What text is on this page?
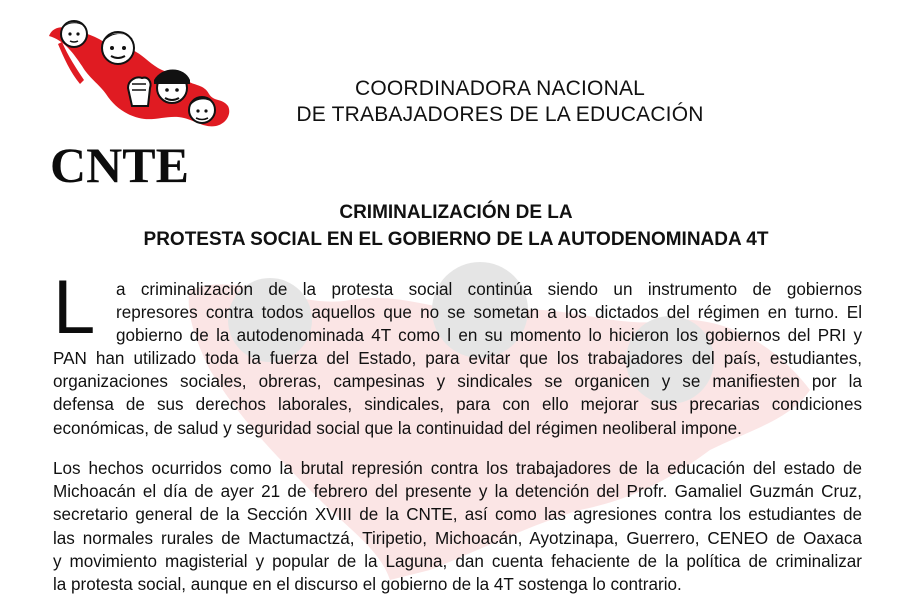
CNTE
COORDINADORA NACIONAL
DE TRABAJADORES DE LA EDUCACIÓN
CRIMINALIZACIÓN DE LA
PROTESTA SOCIAL EN EL GOBIERNO DE LA AUTODENOMINADA 4T
L a criminalización de la protesta social continúa siendo un instrumento de gobiernos
represores contra todos aquellos que no se sometan a los dictados del régimen en turno. El
gobierno de la autodenominada 4T como l en su momento lo hicieron los gobiernos del PRI y
PAN han utilizado toda la fuerza del Estado, para evitar que los trabajadores del país, estudiantes,
organizaciones sociales, obreras, campesinas y sindicales se organicen y se manifiesten por la
defensa de sus derechos laborales, sindicales, para con ello mejorar sus precarias condiciones
económicas, de salud y seguridad social que la continuidad del régimen neoliberal impone.
Los hechos ocurridos como la brutal represión contra los trabajadores de la educación del estado de
Michoacán el día de ayer 21 de febrero del presente y la detención del Profr. Gamaliel Guzmán Cruz,
secretario general de la Sección XVIII de la CNTE, así como las agresiones contra los estudiantes de
las normales rurales de Mactumactzá, Tiripetio, Michoacán, Ayotzinapa, Guerrero, CENEO de Oaxaca
y movimiento magisterial y popular de la Laguna, dan cuenta fehaciente de la política de criminalizar
la protesta social, aunque en el discurso el gobierno de la 4T sostenga lo contrario.
